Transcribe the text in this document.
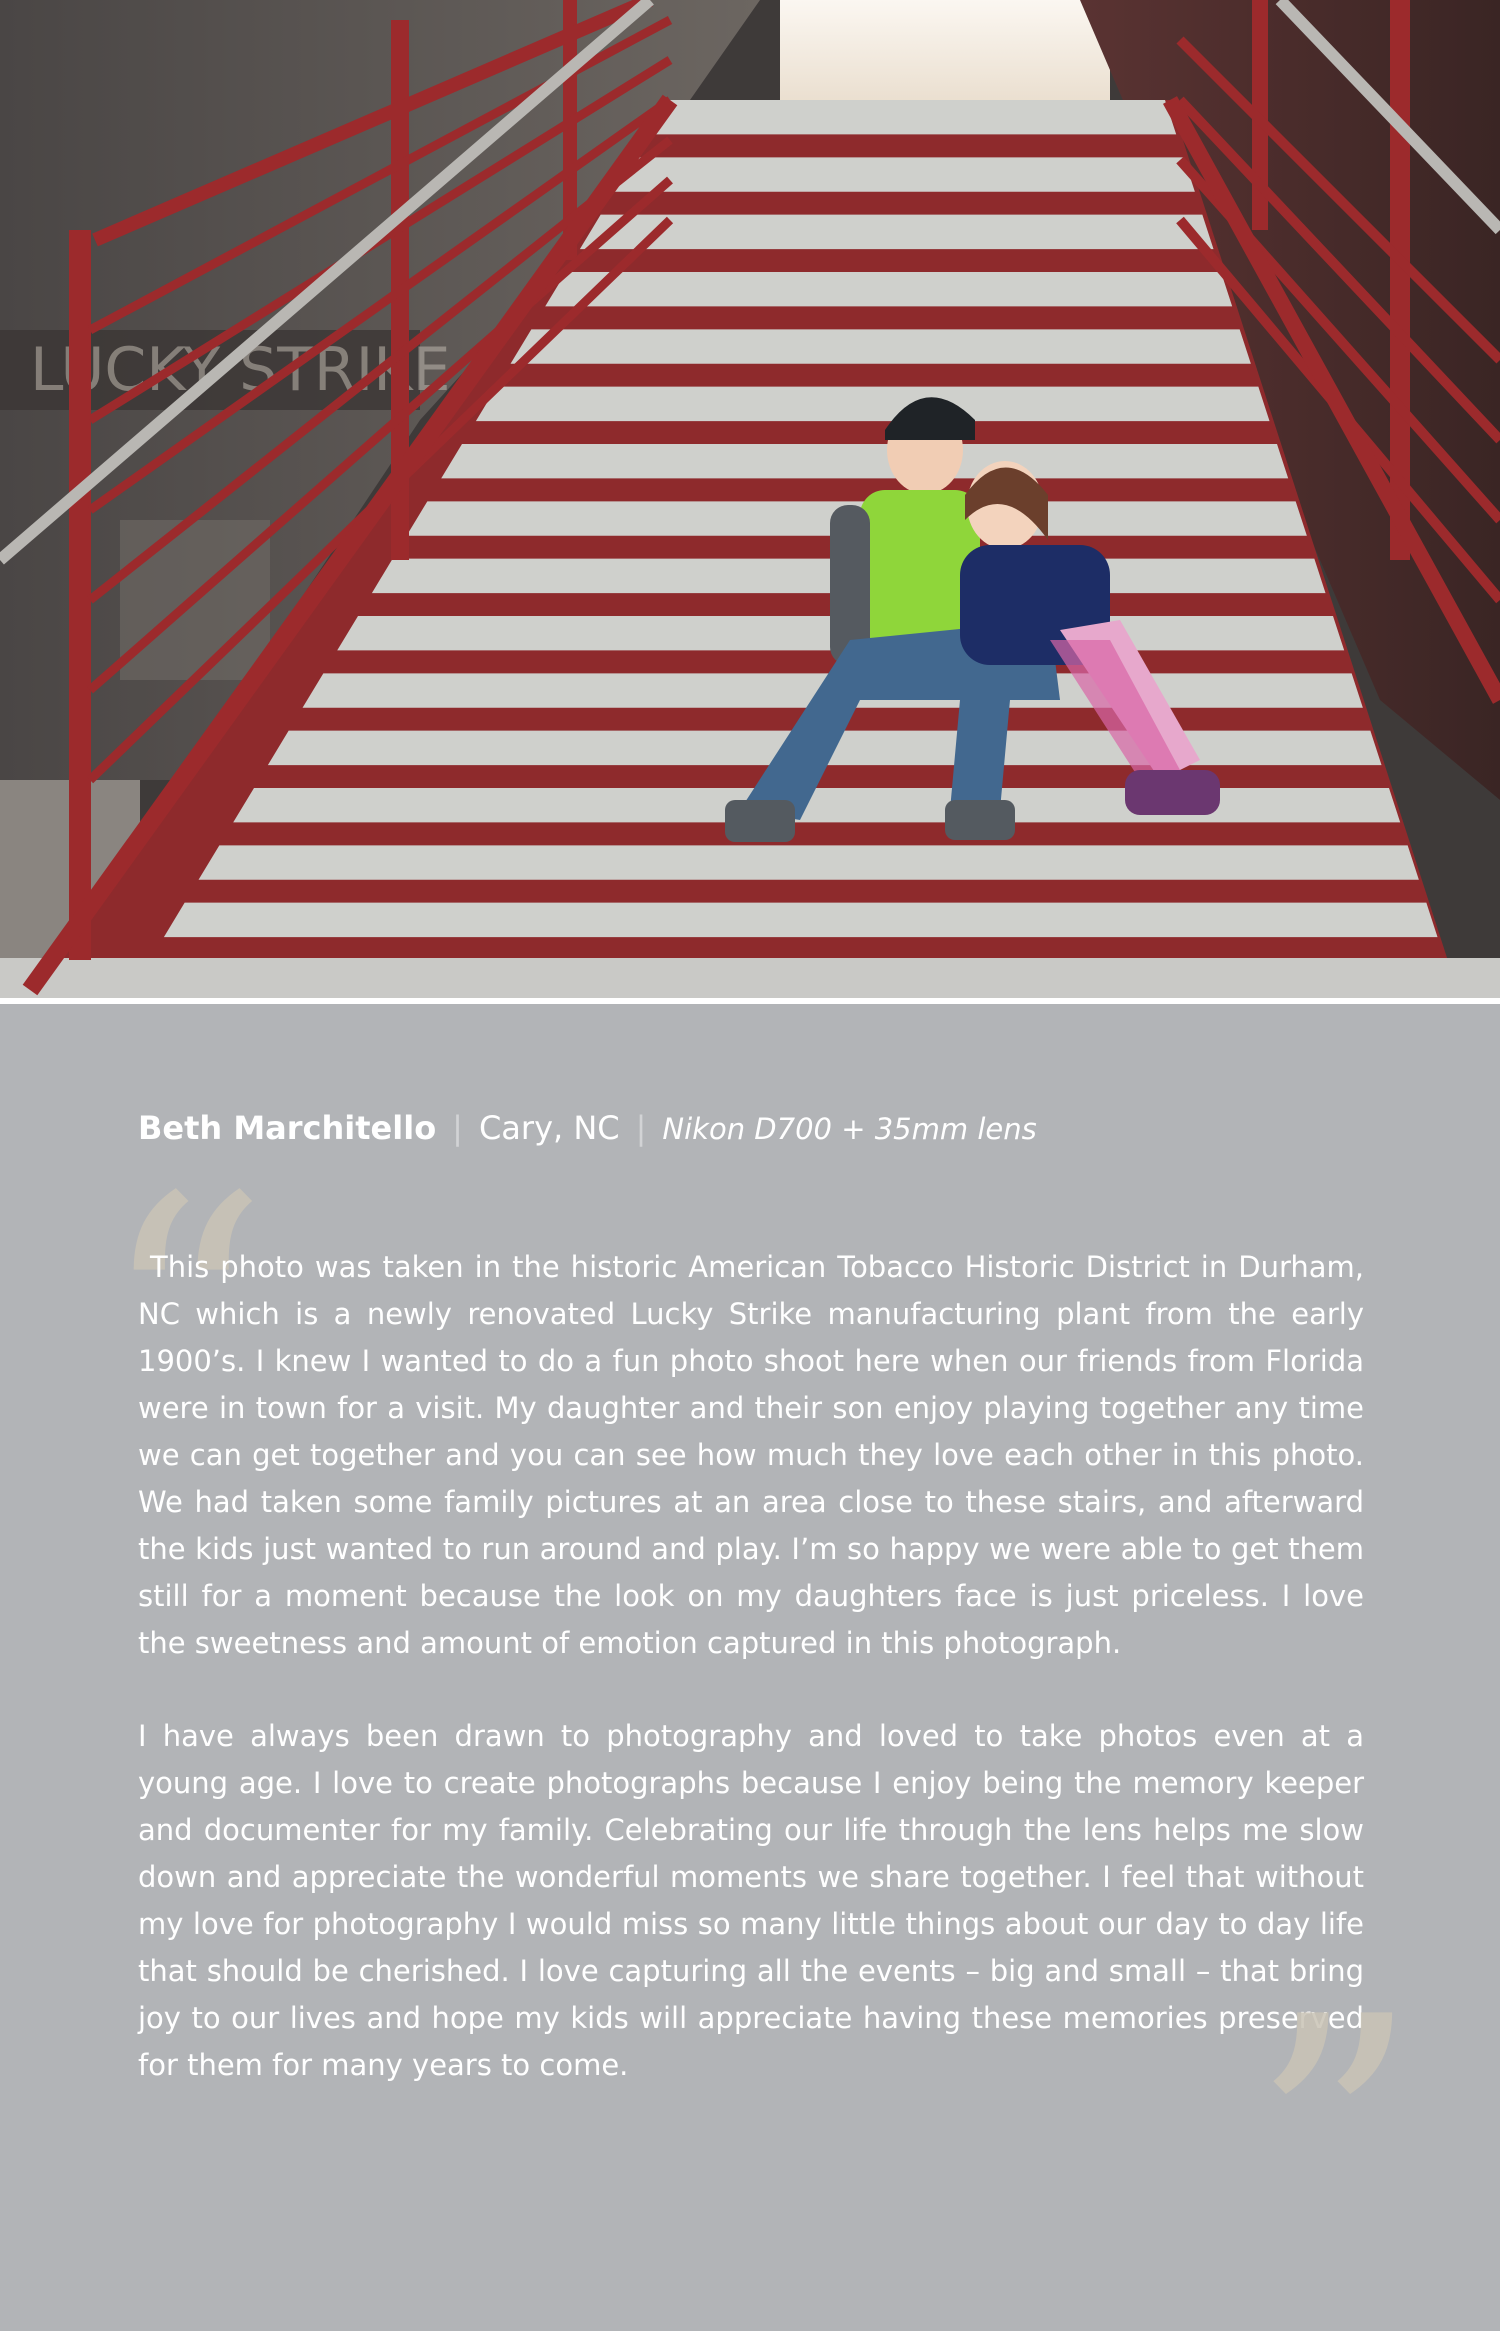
LUCKY STRIKE
Beth Marchitello | Cary, NC | Nikon D700 + 35mm lens
“

This photo was taken in the historic American Tobacco Historic District in Durham, NC which is a newly renovated Lucky Strike manufacturing plant from the early 1900’s. I knew I wanted to do a fun photo shoot here when our friends from Florida were in town for a visit. My daughter and their son enjoy playing together any time we can get together and you can see how much they love each other in this photo. We had taken some family pictures at an area close to these stairs, and afterward the kids just wanted to run around and play. I’m so happy we were able to get them still for a moment because the look on my daughters face is just priceless. I love the sweetness and amount of emotion captured in this photograph.

I have always been drawn to photography and loved to take photos even at a young age. I love to create photographs because I enjoy being the memory keeper and documenter for my family. Celebrating our life through the lens helps me slow down and appreciate the wonderful moments we share together. I feel that without my love for photography I would miss so many little things about our day to day life that should be cherished. I love capturing all the events – big and small – that bring joy to our lives and hope my kids will appreciate having these memories preserved for them for many years to come.	”
